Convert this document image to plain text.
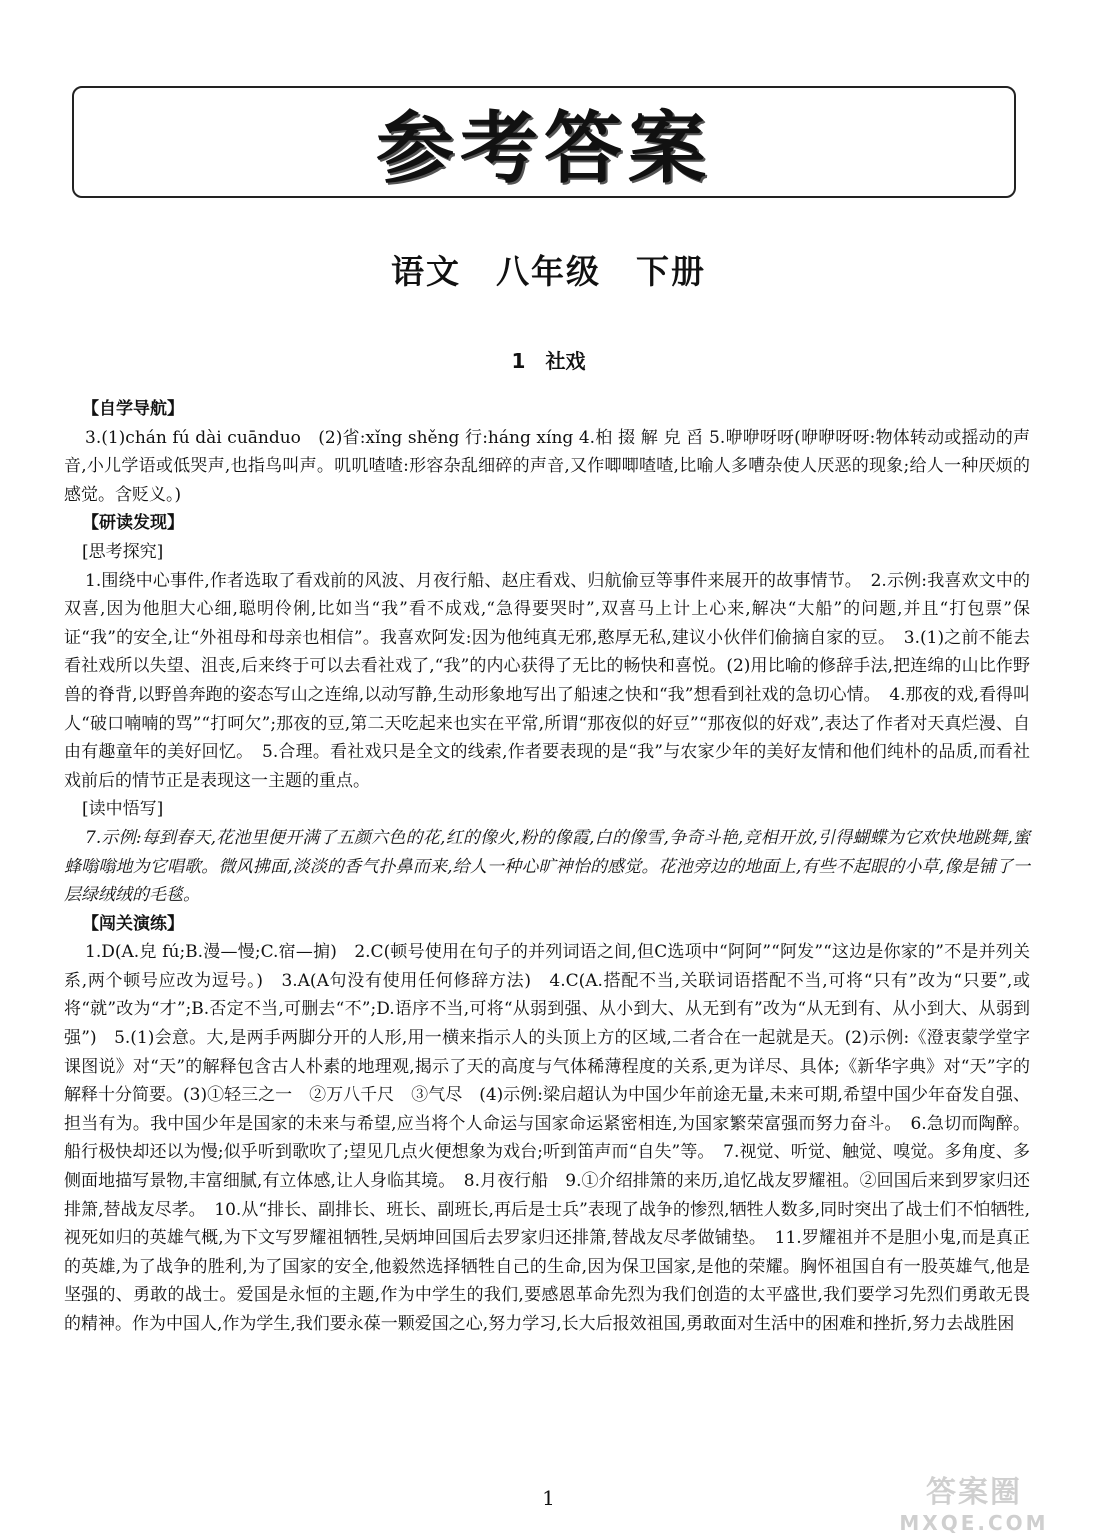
参考答案
语文　八年级　下册
1　社戏

【自学导航】

3.(1)chán fú dài cuānduo　(2)省:xǐng shěng 行:háng xíng 4.桕 掇 解 皃 舀 5.咿咿呀呀(咿咿呀呀:物体转动或摇动的声音,小儿学语或低哭声,也指鸟叫声。叽叽喳喳:形容杂乱细碎的声音,又作唧唧喳喳,比喻人多嘈杂使人厌恶的现象;给人一种厌烦的感觉。含贬义。)

【研读发现】

[思考探究]

1.围绕中心事件,作者选取了看戏前的风波、月夜行船、赵庄看戏、归航偷豆等事件来展开的故事情节。　2.示例:我喜欢文中的双喜,因为他胆大心细,聪明伶俐,比如当“我”看不成戏,“急得要哭时”,双喜马上计上心来,解决“大船”的问题,并且“打包票”保证“我”的安全,让“外祖母和母亲也相信”。我喜欢阿发:因为他纯真无邪,憨厚无私,建议小伙伴们偷摘自家的豆。　3.(1)之前不能去看社戏所以失望、沮丧,后来终于可以去看社戏了,“我”的内心获得了无比的畅快和喜悦。(2)用比喻的修辞手法,把连绵的山比作野兽的脊背,以野兽奔跑的姿态写山之连绵,以动写静,生动形象地写出了船速之快和“我”想看到社戏的急切心情。　4.那夜的戏,看得叫人“破口喃喃的骂”“打呵欠”;那夜的豆,第二天吃起来也实在平常,所谓“那夜似的好豆”“那夜似的好戏”,表达了作者对天真烂漫、自由有趣童年的美好回忆。　5.合理。看社戏只是全文的线索,作者要表现的是“我”与农家少年的美好友情和他们纯朴的品质,而看社戏前后的情节正是表现这一主题的重点。

[读中悟写]

7.示例:每到春天,花池里便开满了五颜六色的花,红的像火,粉的像霞,白的像雪,争奇斗艳,竞相开放,引得蝴蝶为它欢快地跳舞,蜜蜂嗡嗡地为它唱歌。微风拂面,淡淡的香气扑鼻而来,给人一种心旷神怡的感觉。花池旁边的地面上,有些不起眼的小草,像是铺了一层绿绒绒的毛毯。

【闯关演练】

1.D(A.皃 fú;B.漫—慢;C.宿—掮)　2.C(顿号使用在句子的并列词语之间,但C选项中“阿阿”“阿发”“这边是你家的”不是并列关系,两个顿号应改为逗号。)　3.A(A句没有使用任何修辞方法)　4.C(A.搭配不当,关联词语搭配不当,可将“只有”改为“只要”,或将“就”改为“才”;B.否定不当,可删去“不”;D.语序不当,可将“从弱到强、从小到大、从无到有”改为“从无到有、从小到大、从弱到强”)　5.(1)会意。大,是两手两脚分开的人形,用一横来指示人的头顶上方的区域,二者合在一起就是天。(2)示例:《澄衷蒙学堂字课图说》对“天”的解释包含古人朴素的地理观,揭示了天的高度与气体稀薄程度的关系,更为详尽、具体;《新华字典》对“天”字的解释十分简要。(3)①轻三之一　②万八千尺　③气尽　(4)示例:梁启超认为中国少年前途无量,未来可期,希望中国少年奋发自强、担当有为。我中国少年是国家的未来与希望,应当将个人命运与国家命运紧密相连,为国家繁荣富强而努力奋斗。　6.急切而陶醉。船行极快却还以为慢;似乎听到歌吹了;望见几点火便想象为戏台;听到笛声而“自失”等。　7.视觉、听觉、触觉、嗅觉。多角度、多侧面地描写景物,丰富细腻,有立体感,让人身临其境。　8.月夜行船　9.①介绍排箫的来历,追忆战友罗耀祖。②回国后来到罗家归还排箫,替战友尽孝。　10.从“排长、副排长、班长、副班长,再后是士兵”表现了战争的惨烈,牺牲人数多,同时突出了战士们不怕牺牲,视死如归的英雄气概,为下文写罗耀祖牺牲,吴炳坤回国后去罗家归还排箫,替战友尽孝做铺垫。　11.罗耀祖并不是胆小鬼,而是真正的英雄,为了战争的胜利,为了国家的安全,他毅然选择牺牲自己的生命,因为保卫国家,是他的荣耀。胸怀祖国自有一股英雄气,他是坚强的、勇敢的战士。爱国是永恒的主题,作为中学生的我们,要感恩革命先烈为我们创造的太平盛世,我们要学习先烈们勇敢无畏的精神。作为中国人,作为学生,我们要永葆一颗爱国之心,努力学习,长大后报效祖国,勇敢面对生活中的困难和挫折,努力去战胜困

1	答案圈
MXQE.COM
